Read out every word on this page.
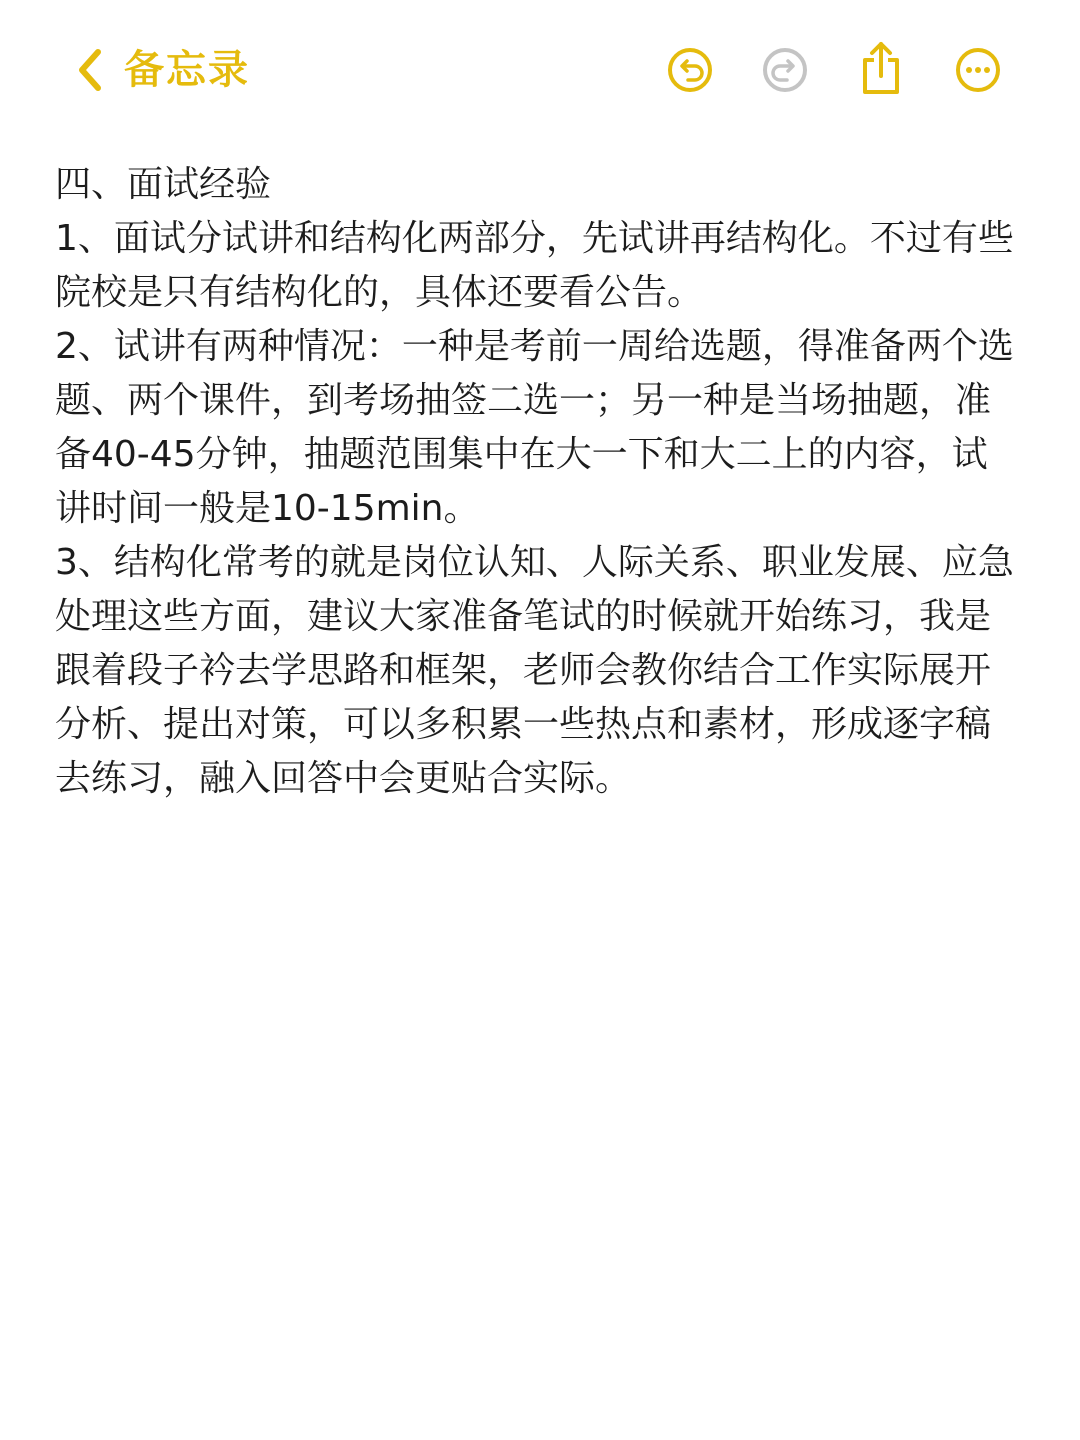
备忘录

四、面试经验

1、面试分试讲和结构化两部分，先试讲再结构化。不过有些院校是只有结构化的，具体还要看公告。

2、试讲有两种情况：一种是考前一周给选题，得准备两个选题、两个课件，到考场抽签二选一；另一种是当场抽题，准备40-45分钟，抽题范围集中在大一下和大二上的内容，试讲时间一般是10-15min。

3、结构化常考的就是岗位认知、人际关系、职业发展、应急处理这些方面，建议大家准备笔试的时候就开始练习，我是跟着段子衿去学思路和框架，老师会教你结合工作实际展开分析、提出对策，可以多积累一些热点和素材，形成逐字稿去练习，融入回答中会更贴合实际。
